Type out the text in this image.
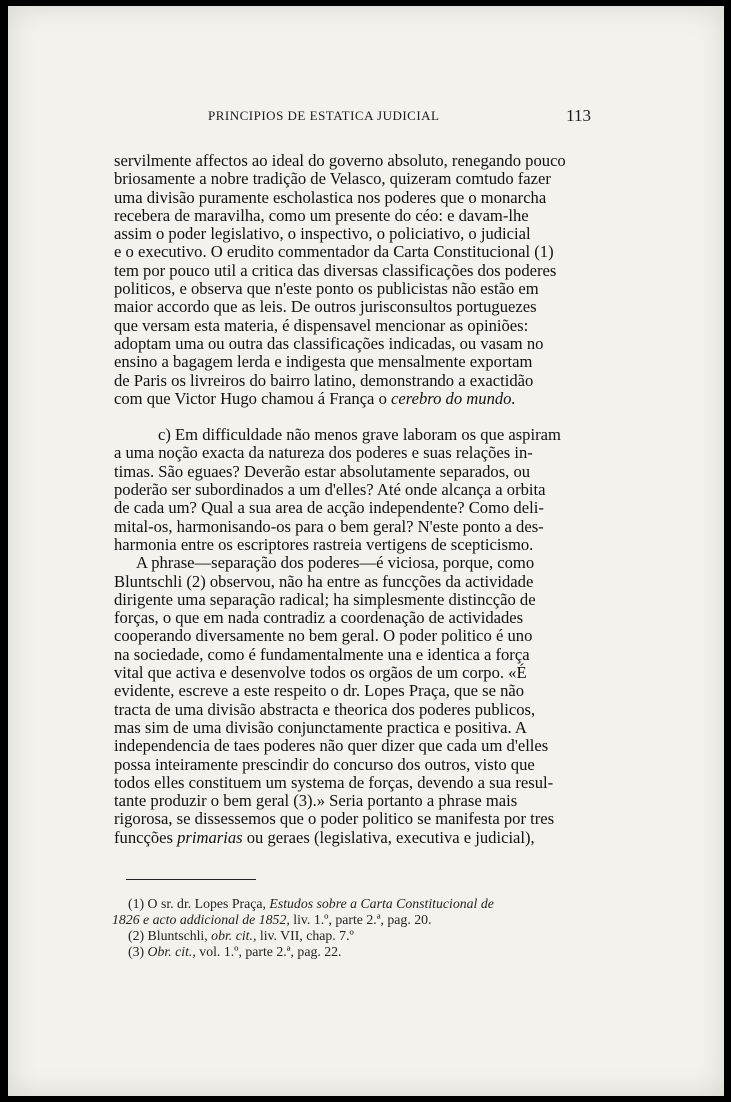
PRINCIPIOS DE ESTATICA JUDICIAL	113
servilmente affectos ao ideal do governo absoluto, renegando pouco
briosamente a nobre tradição de Velasco, quizeram comtudo fazer
uma divisão puramente escholastica nos poderes que o monarcha
recebera de maravilha, como um presente do céo: e davam-lhe
assim o poder legislativo, o inspectivo, o policiativo, o judicial
e o executivo. O erudito commentador da Carta Constitucional (1)
tem por pouco util a critica das diversas classificações dos poderes
politicos, e observa que n'este ponto os publicistas não estão em
maior accordo que as leis. De outros jurisconsultos portuguezes
que versam esta materia, é dispensavel mencionar as opiniões:
adoptam uma ou outra das classificações indicadas, ou vasam no
ensino a bagagem lerda e indigesta que mensalmente exportam
de Paris os livreiros do bairro latino, demonstrando a exactidão
com que Victor Hugo chamou á França o cerebro do mundo.
c) Em difficuldade não menos grave laboram os que aspiram
a uma noção exacta da natureza dos poderes e suas relações in-
timas. São eguaes? Deverão estar absolutamente separados, ou
poderão ser subordinados a um d'elles? Até onde alcança a orbita
de cada um? Qual a sua area de acção independente? Como deli-
mital-os, harmonisando-os para o bem geral? N'este ponto a des-
harmonia entre os escriptores rastreia vertigens de scepticismo.
A phrase—separação dos poderes—é viciosa, porque, como
Bluntschli (2) observou, não ha entre as funcções da actividade
dirigente uma separação radical; ha simplesmente distincção de
forças, o que em nada contradiz a coordenação de actividades
cooperando diversamente no bem geral. O poder politico é uno
na sociedade, como é fundamentalmente una e identica a força
vital que activa e desenvolve todos os orgãos de um corpo. «É
evidente, escreve a este respeito o dr. Lopes Praça, que se não
tracta de uma divisão abstracta e theorica dos poderes publicos,
mas sim de uma divisão conjunctamente practica e positiva. A
independencia de taes poderes não quer dizer que cada um d'elles
possa inteiramente prescindir do concurso dos outros, visto que
todos elles constituem um systema de forças, devendo a sua resul-
tante produzir o bem geral (3).» Seria portanto a phrase mais
rigorosa, se dissessemos que o poder politico se manifesta por tres
funcções primarias ou geraes (legislativa, executiva e judicial),
(1) O sr. dr. Lopes Praça, Estudos sobre a Carta Constitucional de
1826 e acto addicional de 1852, liv. 1.º, parte 2.ª, pag. 20.
(2) Bluntschli, obr. cit., liv. VII, chap. 7.º
(3) Obr. cit., vol. 1.º, parte 2.ª, pag. 22.
